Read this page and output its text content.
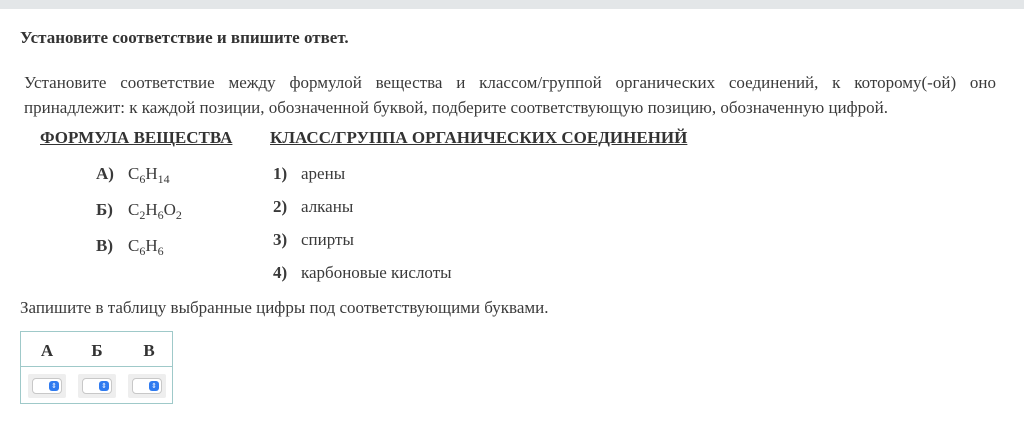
Установите соответствие и впишите ответ.
Установите соответствие между формулой вещества и классом/группой органических соединений, к которому(-ой) оно принадлежит: к каждой позиции, обозначенной буквой, подберите соответствующую позицию, обозначенную цифрой.
ФОРМУЛА ВЕЩЕСТВА КЛАСС/ГРУППА ОРГАНИЧЕСКИХ СОЕДИНЕНИЙ
А) $C_6H_{14}$
Б) $C_2H_6O_2$
В) $C_6H_6$
1) арены
2) алканы
3) спирты
4) карбоновые кислоты
Запишите в таблицу выбранные цифры под соответствующими буквами.
А	Б	В
⇕	⇕	⇕
